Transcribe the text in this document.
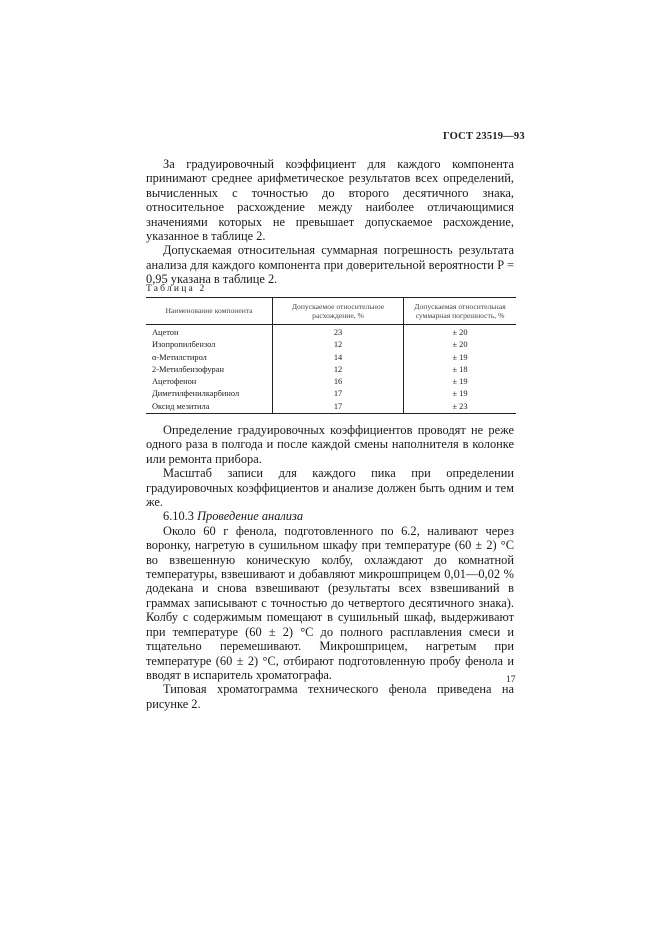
ГОСТ 23519—93

За градуировочный коэффициент для каждого компонента принимают среднее арифметическое результатов всех определений, вычисленных с точностью до второго десятичного знака, относительное расхождение между наиболее отличающимися значениями которых не превышает допускаемое расхождение, указанное в таблице 2.

Допускаемая относительная суммарная погрешность результата анализа для каждого компонента при доверительной вероятности P = 0,95 указана в таблице 2.

Таблица 2
Наименование компонента	Допускаемое относительное расхождение, %	Допускаемая относительная суммарная погрешность, %
Ацетон	23	± 20
Изопропилбензол	12	± 20
α-Метилстирол	14	± 19
2-Метилбензофуран	12	± 18
Ацетофенон	16	± 19
Диметилфенилкарбинол	17	± 19
Оксид мезитила	17	± 23

Определение градуировочных коэффициентов проводят не реже одного раза в полгода и после каждой смены наполнителя в колонке или ремонта прибора.

Масштаб записи для каждого пика при определении градуировочных коэффициентов и анализе должен быть одним и тем же.

6.10.3 Проведение анализа

Около 60 г фенола, подготовленного по 6.2, наливают через воронку, нагретую в сушильном шкафу при температуре (60 ± 2) °C во взвешенную коническую колбу, охлаждают до комнатной температуры, взвешивают и добавляют микрошприцем 0,01—0,02 % додекана и снова взвешивают (результаты всех взвешиваний в граммах записывают с точностью до четвертого десятичного знака). Колбу с содержимым помещают в сушильный шкаф, выдерживают при температуре (60 ± 2) °C до полного расплавления смеси и тщательно перемешивают. Микрошприцем, нагретым при температуре (60 ± 2) °C, отбирают подготовленную пробу фенола и вводят в испаритель хроматографа.

Типовая хроматограмма технического фенола приведена на рисунке 2.

17
